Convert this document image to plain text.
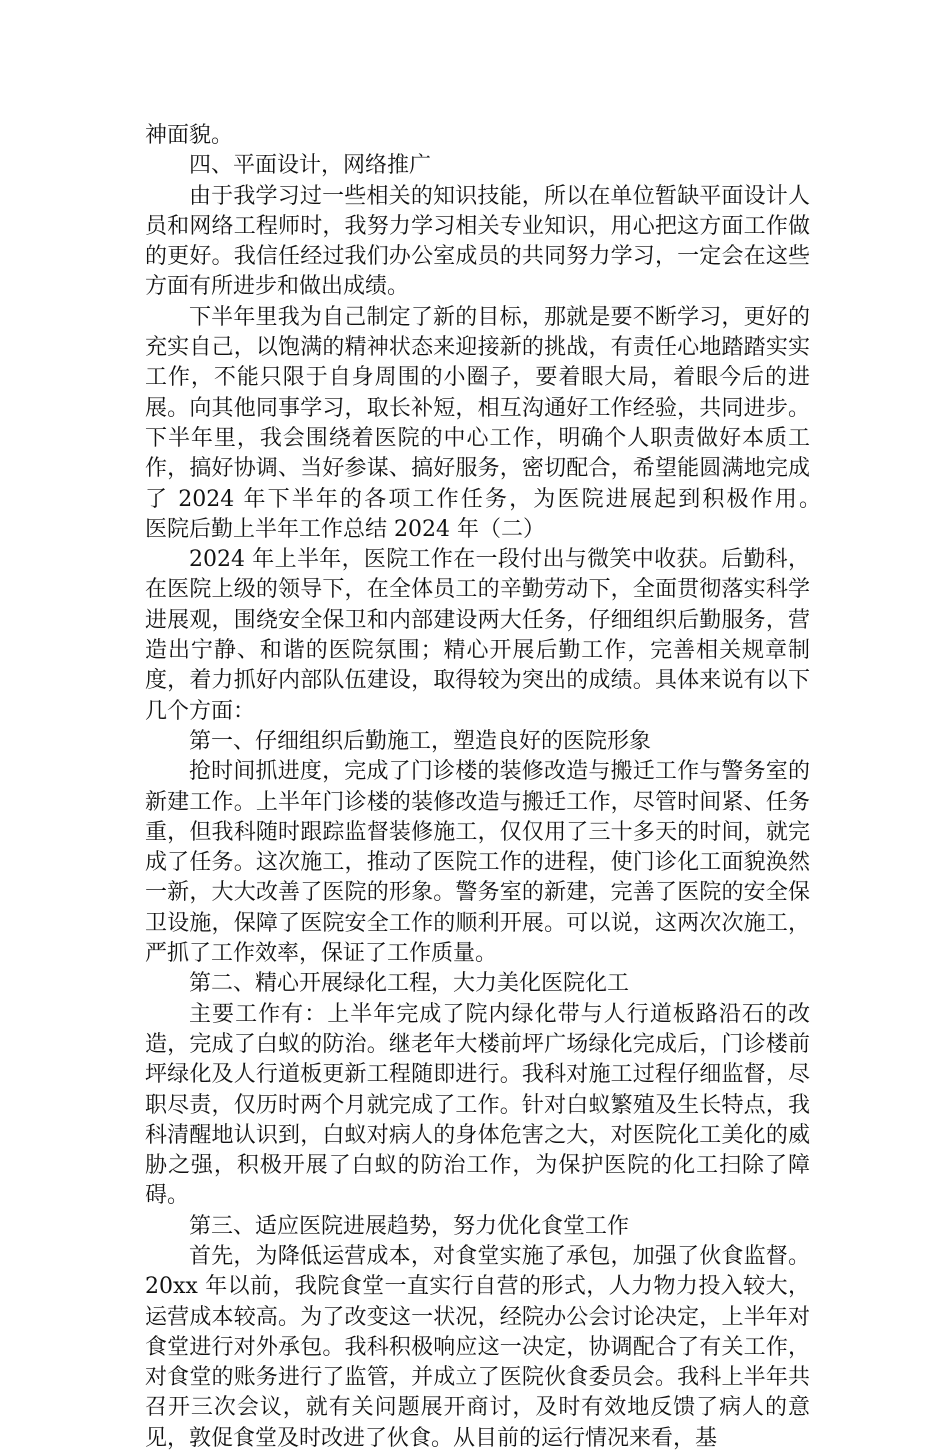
神面貌。

四、平面设计，网络推广

由于我学习过一些相关的知识技能，所以在单位暂缺平面设计人员和网络工程师时，我努力学习相关专业知识，用心把这方面工作做的更好。我信任经过我们办公室成员的共同努力学习，一定会在这些方面有所进步和做出成绩。

下半年里我为自己制定了新的目标，那就是要不断学习，更好的充实自己，以饱满的精神状态来迎接新的挑战，有责任心地踏踏实实工作，不能只限于自身周围的小圈子，要着眼大局，着眼今后的进展。向其他同事学习，取长补短，相互沟通好工作经验，共同进步。下半年里，我会围绕着医院的中心工作，明确个人职责做好本质工作，搞好协调、当好参谋、搞好服务，密切配合，希望能圆满地完成了 2024 年下半年的各项工作任务，为医院进展起到积极作用。　　医院后勤上半年工作总结 2024 年（二）

2024 年上半年，医院工作在一段付出与微笑中收获。后勤科，在医院上级的领导下，在全体员工的辛勤劳动下，全面贯彻落实科学进展观，围绕安全保卫和内部建设两大任务，仔细组织后勤服务，营造出宁静、和谐的医院氛围；精心开展后勤工作，完善相关规章制度，着力抓好内部队伍建设，取得较为突出的成绩。具体来说有以下几个方面：

第一、仔细组织后勤施工，塑造良好的医院形象

抢时间抓进度，完成了门诊楼的装修改造与搬迁工作与警务室的新建工作。上半年门诊楼的装修改造与搬迁工作，尽管时间紧、任务重，但我科随时跟踪监督装修施工，仅仅用了三十多天的时间，就完成了任务。这次施工，推动了医院工作的进程，使门诊化工面貌涣然一新，大大改善了医院的形象。警务室的新建，完善了医院的安全保卫设施，保障了医院安全工作的顺利开展。可以说，这两次次施工，严抓了工作效率，保证了工作质量。

第二、精心开展绿化工程，大力美化医院化工

主要工作有：上半年完成了院内绿化带与人行道板路沿石的改造，完成了白蚁的防治。继老年大楼前坪广场绿化完成后，门诊楼前坪绿化及人行道板更新工程随即进行。我科对施工过程仔细监督，尽职尽责，仅历时两个月就完成了工作。针对白蚁繁殖及生长特点，我科清醒地认识到，白蚁对病人的身体危害之大，对医院化工美化的威胁之强，积极开展了白蚁的防治工作，为保护医院的化工扫除了障碍。

第三、适应医院进展趋势，努力优化食堂工作

首先，为降低运营成本，对食堂实施了承包，加强了伙食监督。20xx 年以前，我院食堂一直实行自营的形式，人力物力投入较大，运营成本较高。为了改变这一状况，经院办公会讨论决定，上半年对食堂进行对外承包。我科积极响应这一决定，协调配合了有关工作，对食堂的账务进行了监管，并成立了医院伙食委员会。我科上半年共召开三次会议，就有关问题展开商讨，及时有效地反馈了病人的意见，敦促食堂及时改进了伙食。从目前的运行情况来看，基
